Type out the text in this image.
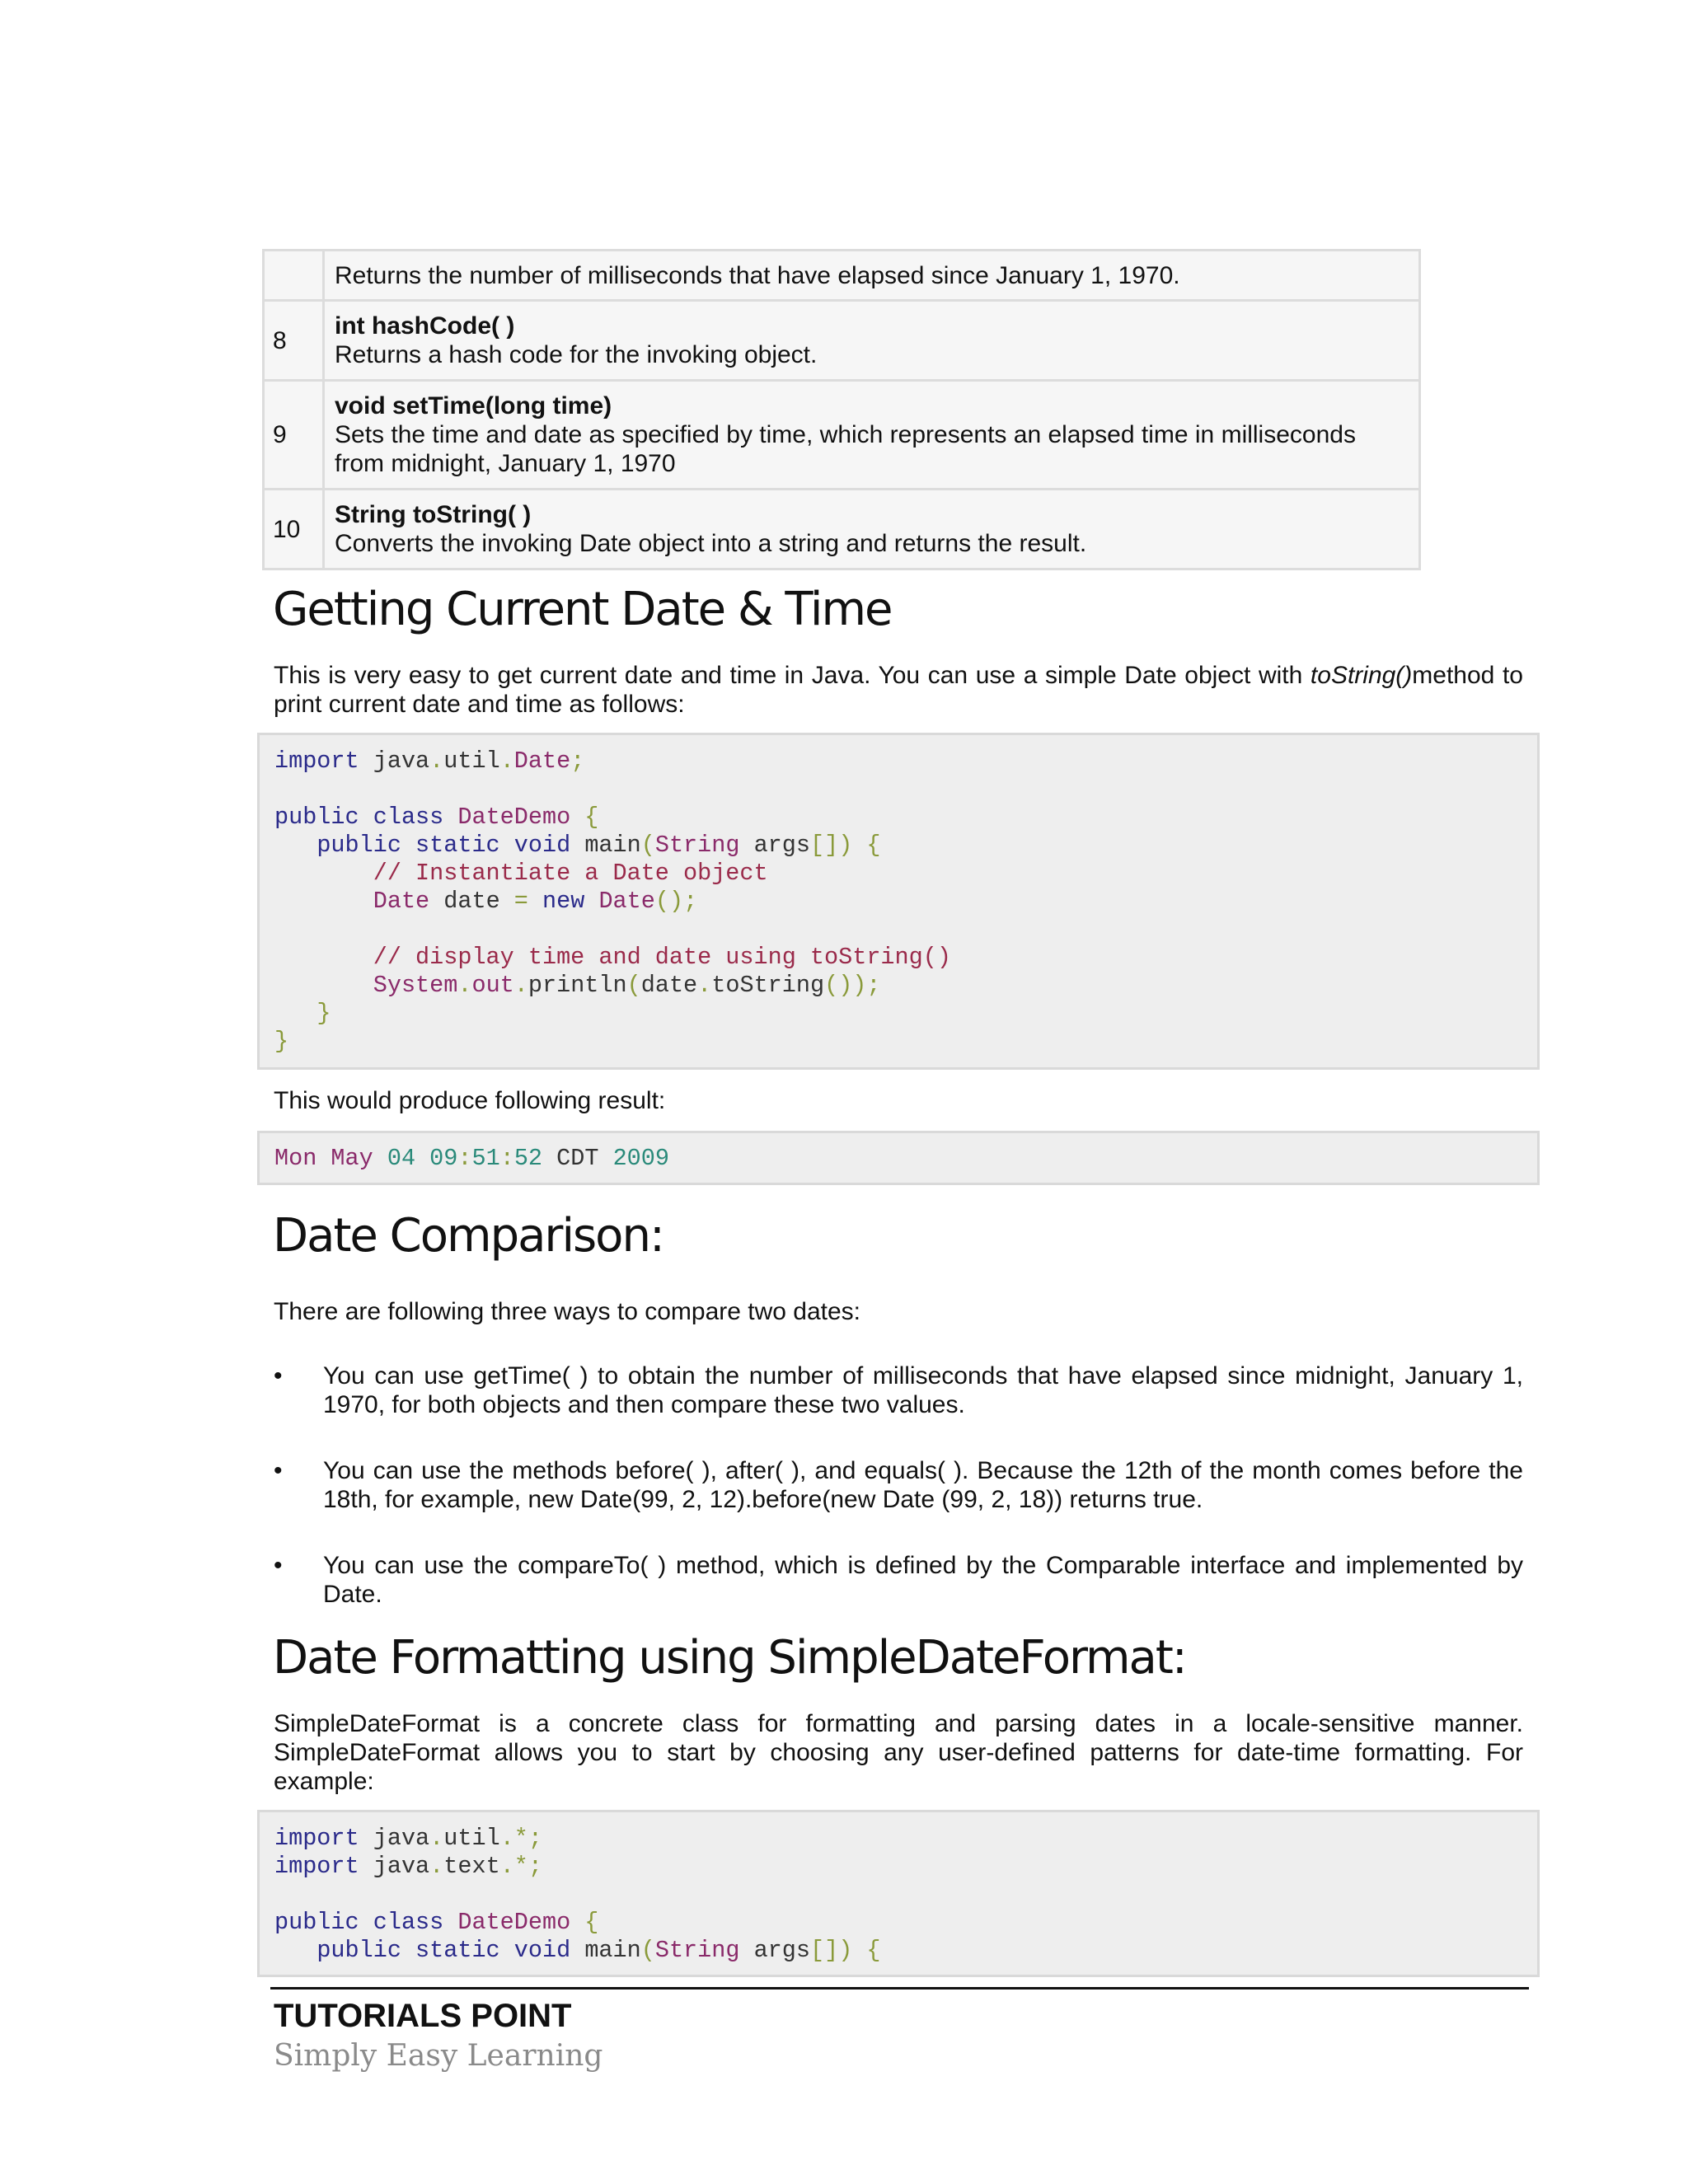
	Returns the number of milliseconds that have elapsed since January 1, 1970.

8	int hashCode( )
Returns a hash code for the invoking object.

9	void setTime(long time)
Sets the time and date as specified by time, which represents an elapsed time in milliseconds from midnight, January 1, 1970

10	String toString( )
Converts the invoking Date object into a string and returns the result.
Getting Current Date & Time

This is very easy to get current date and time in Java. You can use a simple Date object with toString()method to print current date and time as follows:

import java.util.Date;

public class DateDemo {
public static void main(String args[]) {
// Instantiate a Date object
Date date = new Date();

// display time and date using toString()
System.out.println(date.toString());
}
}

This would produce following result:

Mon May 04 09:51:52 CDT 2009
Date Comparison:

There are following three ways to compare two dates:

• You can use getTime( ) to obtain the number of milliseconds that have elapsed since midnight, January 1, 1970, for both objects and then compare these two values.
• You can use the methods before( ), after( ), and equals( ). Because the 12th of the month comes before the 18th, for example, new Date(99, 2, 12).before(new Date (99, 2, 18)) returns true.
• You can use the compareTo( ) method, which is defined by the Comparable interface and implemented by Date.
Date Formatting using SimpleDateFormat:

SimpleDateFormat is a concrete class for formatting and parsing dates in a locale-sensitive manner. SimpleDateFormat allows you to start by choosing any user-defined patterns for date-time formatting. For example:

import java.util.*;
import java.text.*;

public class DateDemo {
public static void main(String args[]) {
TUTORIALS POINT
Simply Easy Learning
